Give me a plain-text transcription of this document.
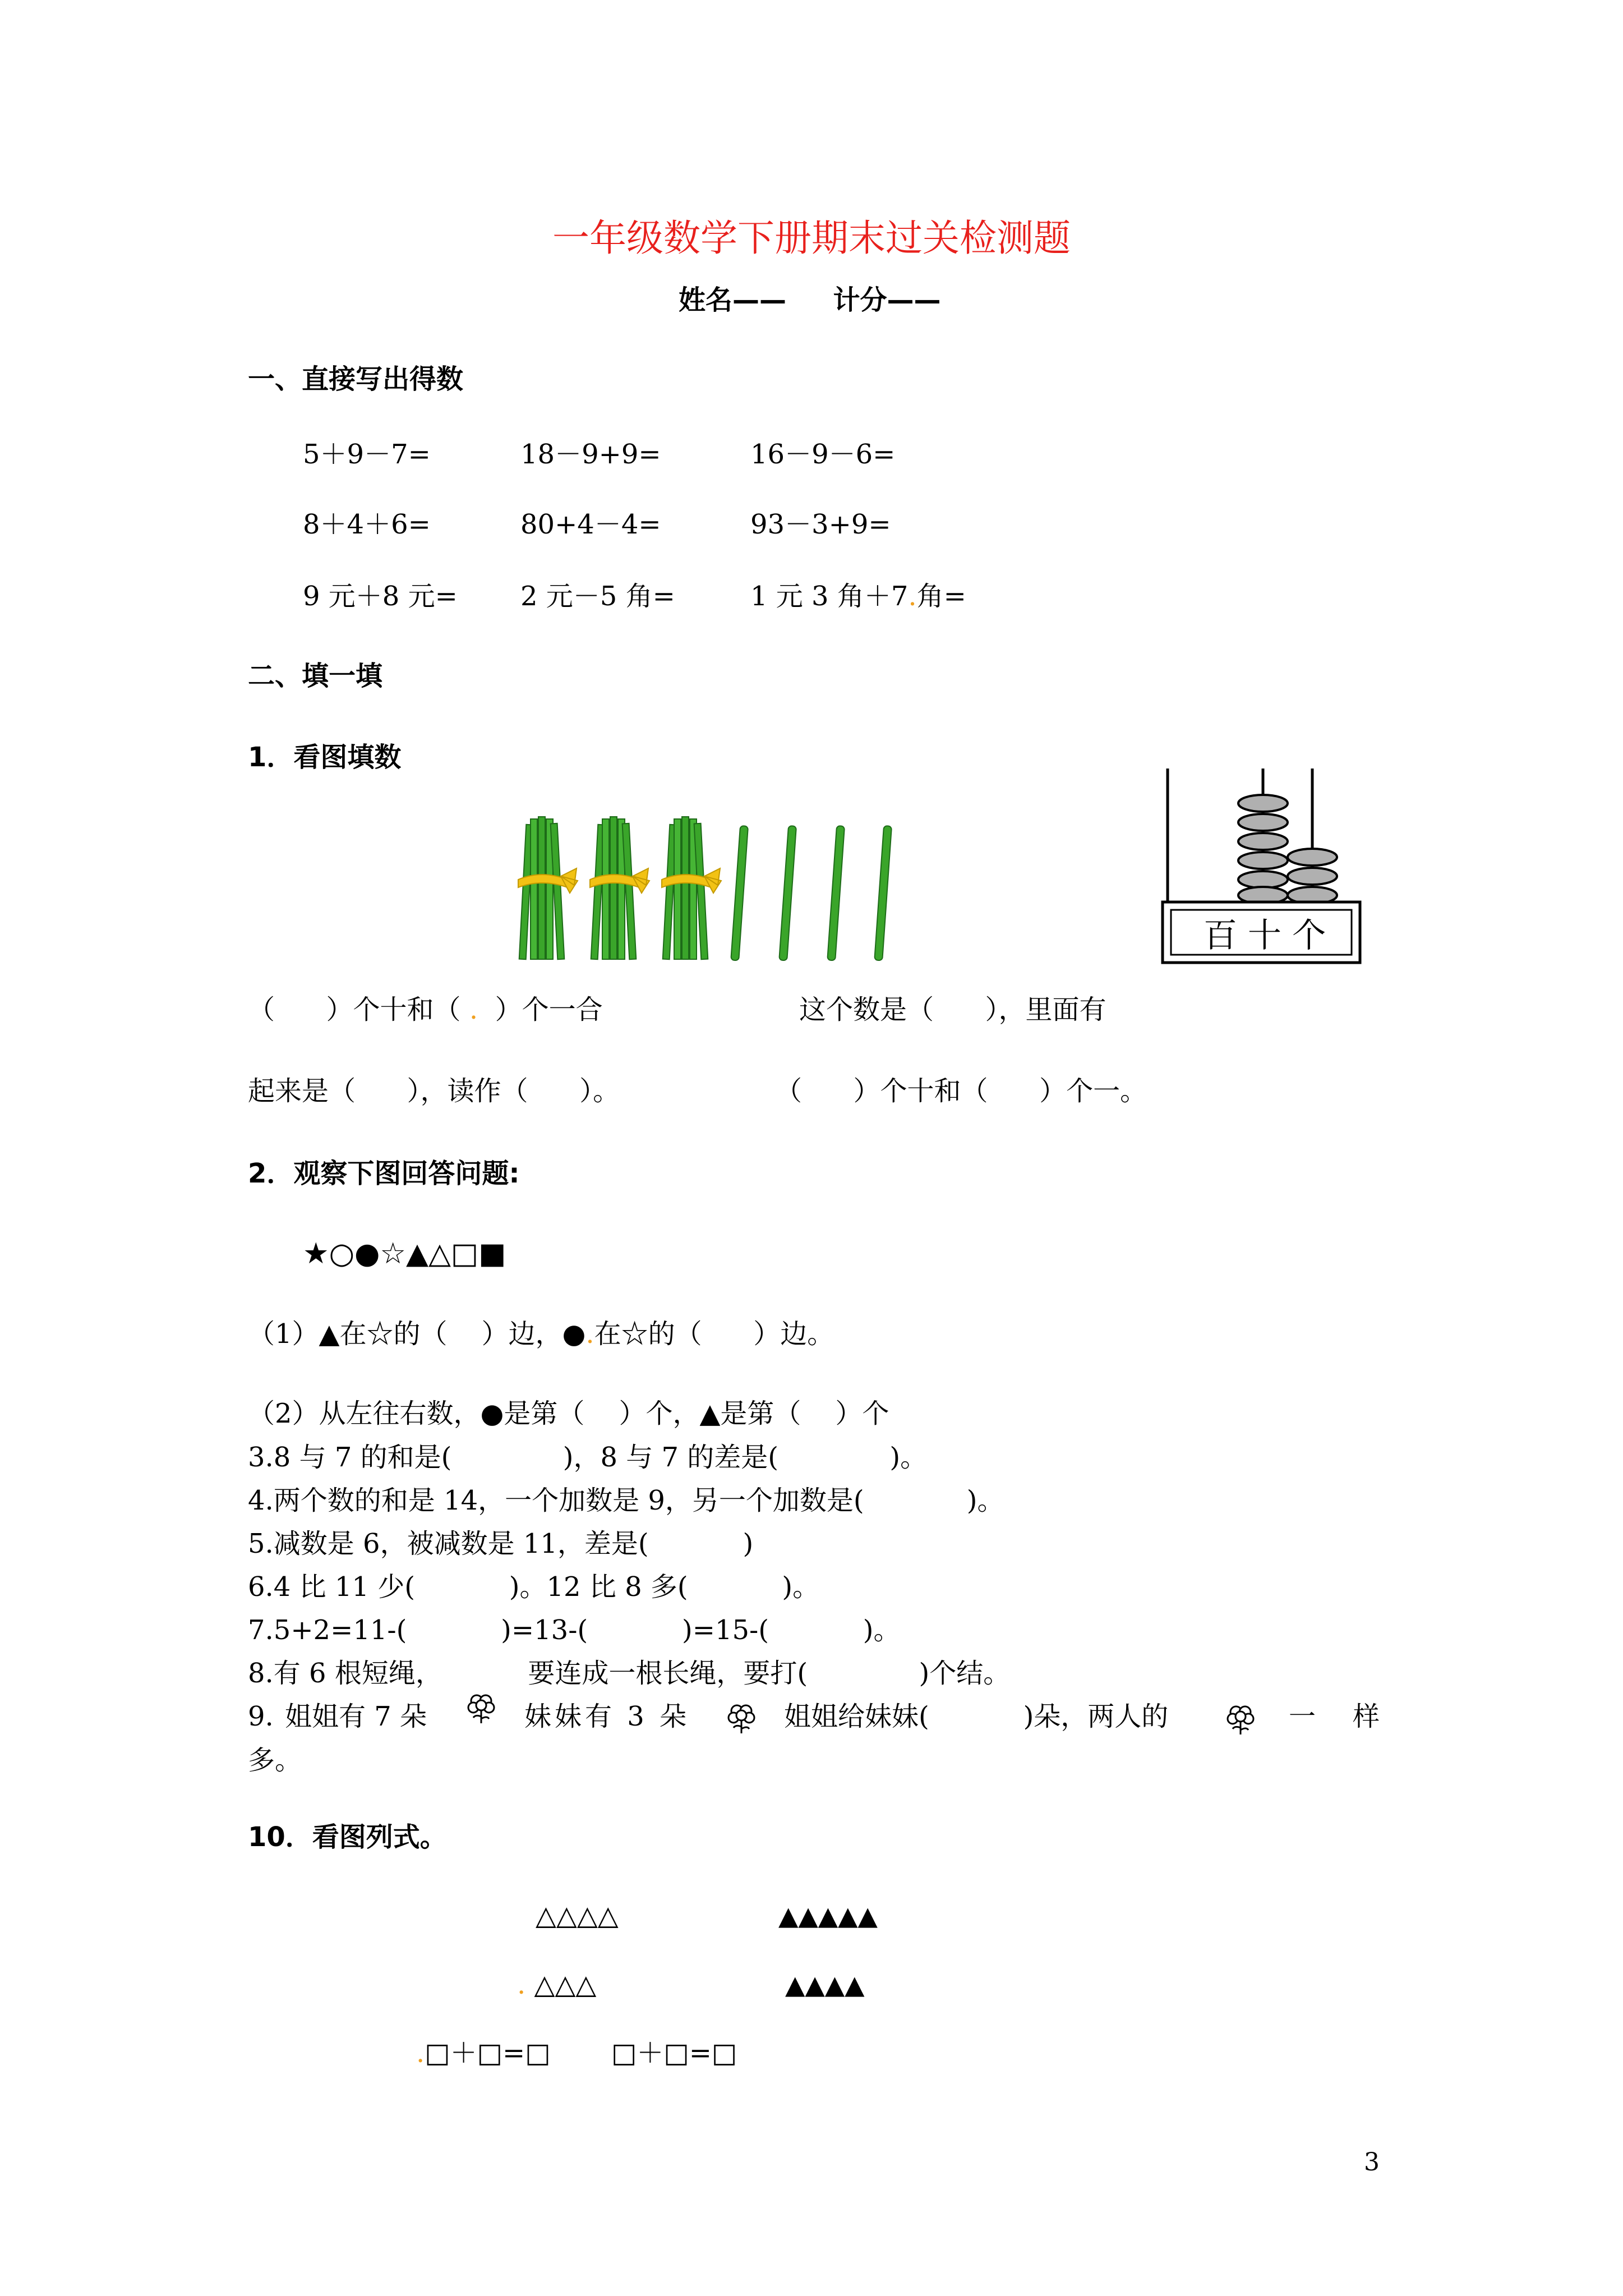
一年级数学下册期末过关检测题
姓名——     计分——
一、直接写出得数
5＋9－7=	18－9+9=	16－9－6=
8＋4＋6=	80+4－4=	93－3+9=
9 元＋8 元= 2 元－5 角=	1 元 3 角＋7.角=
二、填一填
1．看图填数
百 十 个
（      ）个十和（ .  ）个一合	这个数是（      ），里面有
起来是（      ），读作（      ）。	（      ）个十和（      ）个一。
2．观察下图回答问题:
★○●☆▲△□■
（1）▲在☆的（    ）边，●.在☆的（      ）边。
（2）从左往右数，●是第（    ）个，▲是第（    ）个
3.8 与 7 的和是(             )，8 与 7 的差是(             )。
4.两个数的和是 14，一个加数是 9，另一个加数是(            )。
5.减数是 6，被减数是 11，差是(           )
6.4 比 11 少(           )。12 比 8 多(           )。
7.5+2=11-(           )=13-(           )=15-(           )。
8.有 6 根短绳，          要连成一根长绳，要打(             )个结。
9. 姐姐有 7 朵	妹妹有 3 朵	姐姐给妹妹(           )朵，两人的	一 样
多。
10．看图列式。
△△△△	▲▲▲▲▲
. △△△	▲▲▲▲
.□＋□=□ □＋□=□
3
